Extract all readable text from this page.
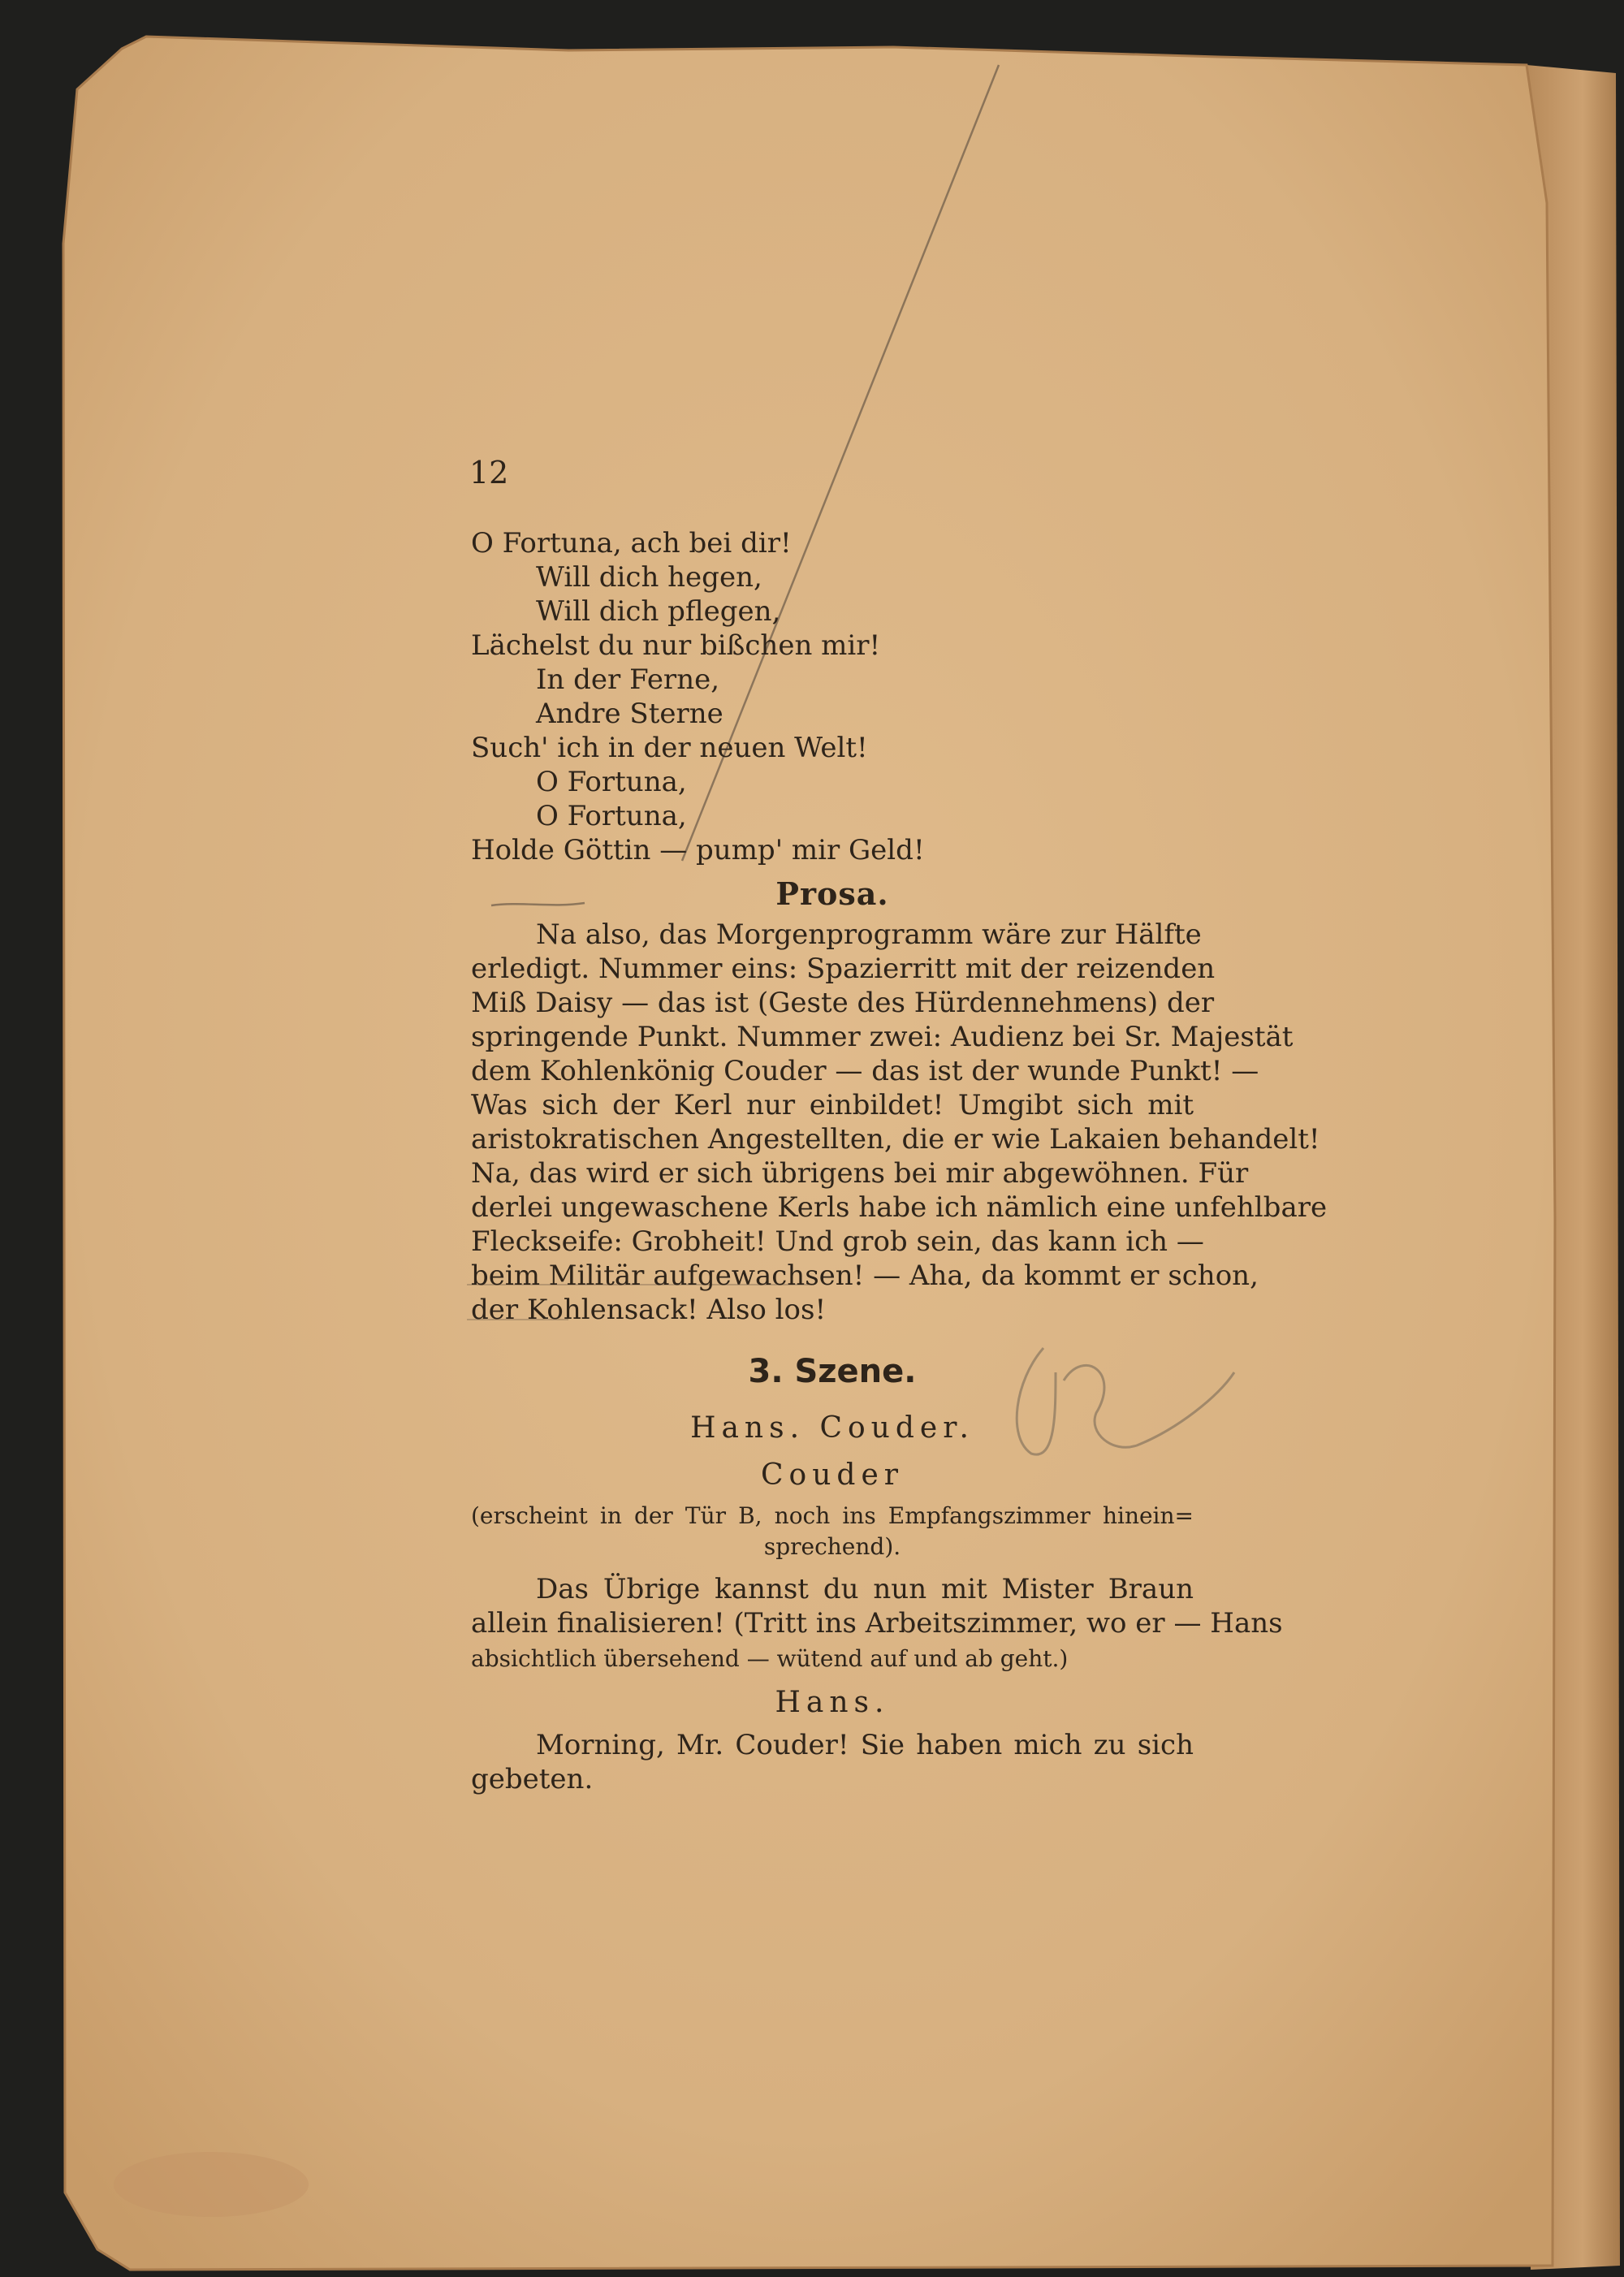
12
O Fortuna, ach bei dir!
Will dich hegen,
Will dich pflegen,
Lächelst du nur bißchen mir!
In der Ferne,
Andre Sterne
Such' ich in der neuen Welt!
O Fortuna,
O Fortuna,
Holde Göttin — pump' mir Geld!
Prosa.
Na also, das Morgenprogramm wäre zur Hälfte
erledigt. Nummer eins: Spazierritt mit der reizenden
Miß Daisy — das ist (Geste des Hürdennehmens) der
springende Punkt. Nummer zwei: Audienz bei Sr. Majestät
dem Kohlenkönig Couder — das ist der wunde Punkt! —
Was sich der Kerl nur einbildet! Umgibt sich mit
aristokratischen Angestellten, die er wie Lakaien behandelt!
Na, das wird er sich übrigens bei mir abgewöhnen. Für
derlei ungewaschene Kerls habe ich nämlich eine unfehlbare
Fleckseife: Grobheit! Und grob sein, das kann ich —
beim Militär aufgewachsen! — Aha, da kommt er schon,
der Kohlensack! Also los!
3. Szene.
Hans. Couder.
Couder
(erscheint in der Tür B, noch ins Empfangszimmer hinein=
sprechend).
Das Übrige kannst du nun mit Mister Braun
allein finalisieren! (Tritt ins Arbeitszimmer, wo er — Hans
absichtlich übersehend — wütend auf und ab geht.)
Hans.
Morning, Mr. Couder! Sie haben mich zu sich
gebeten.
